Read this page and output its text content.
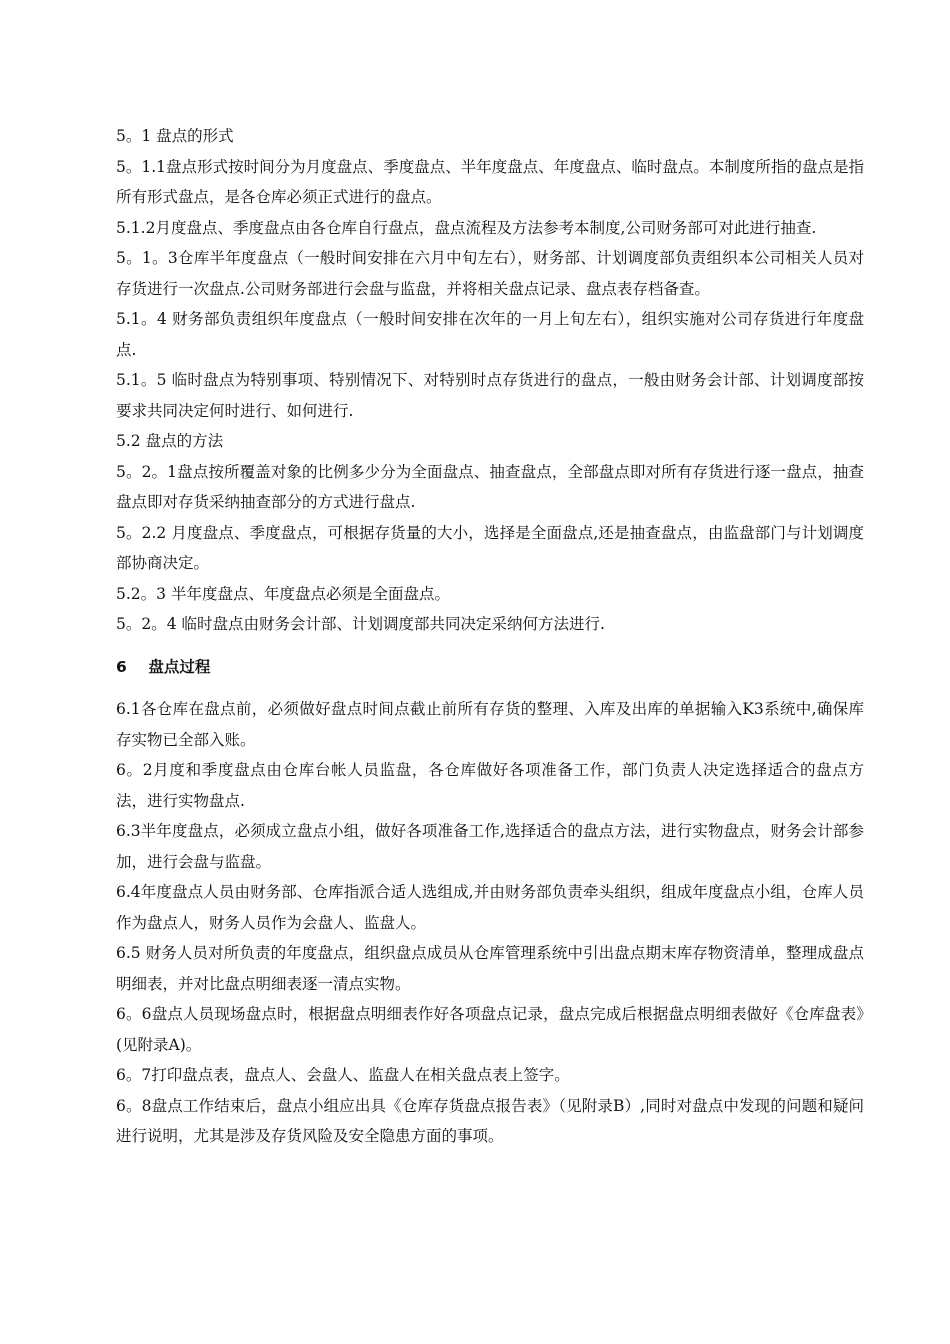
5。1 盘点的形式

5。1.1盘点形式按时间分为月度盘点、季度盘点、半年度盘点、年度盘点、临时盘点。本制度所指的盘点是指所有形式盘点，是各仓库必须正式进行的盘点。

5.1.2月度盘点、季度盘点由各仓库自行盘点，盘点流程及方法参考本制度,公司财务部可对此进行抽查.

5。1。3仓库半年度盘点（一般时间安排在六月中旬左右），财务部、计划调度部负责组织本公司相关人员对存货进行一次盘点.公司财务部进行会盘与监盘，并将相关盘点记录、盘点表存档备查。

5.1。4 财务部负责组织年度盘点（一般时间安排在次年的一月上旬左右），组织实施对公司存货进行年度盘点.

5.1。5 临时盘点为特别事项、特别情况下、对特别时点存货进行的盘点，一般由财务会计部、计划调度部按要求共同决定何时进行、如何进行.

5.2 盘点的方法

5。2。1盘点按所覆盖对象的比例多少分为全面盘点、抽查盘点，全部盘点即对所有存货进行逐一盘点，抽查盘点即对存货采纳抽查部分的方式进行盘点.

5。2.2 月度盘点、季度盘点，可根据存货量的大小，选择是全面盘点,还是抽查盘点，由监盘部门与计划调度部协商决定。

5.2。3 半年度盘点、年度盘点必须是全面盘点。

5。2。4 临时盘点由财务会计部、计划调度部共同决定采纳何方法进行.

6    盘点过程

6.1各仓库在盘点前，必须做好盘点时间点截止前所有存货的整理、入库及出库的单据输入K3系统中,确保库存实物已全部入账。

6。2月度和季度盘点由仓库台帐人员监盘，各仓库做好各项准备工作，部门负责人决定选择适合的盘点方法，进行实物盘点.

6.3半年度盘点，必须成立盘点小组，做好各项准备工作,选择适合的盘点方法，进行实物盘点，财务会计部参加，进行会盘与监盘。

6.4年度盘点人员由财务部、仓库指派合适人选组成,并由财务部负责牵头组织，组成年度盘点小组，仓库人员作为盘点人，财务人员作为会盘人、监盘人。

6.5 财务人员对所负责的年度盘点，组织盘点成员从仓库管理系统中引出盘点期末库存物资清单，整理成盘点明细表，并对比盘点明细表逐一清点实物。

6。6盘点人员现场盘点时，根据盘点明细表作好各项盘点记录，盘点完成后根据盘点明细表做好《仓库盘表》(见附录A)。

6。7打印盘点表，盘点人、会盘人、监盘人在相关盘点表上签字。

6。8盘点工作结束后，盘点小组应出具《仓库存货盘点报告表》（见附录B）,同时对盘点中发现的问题和疑问进行说明，尤其是涉及存货风险及安全隐患方面的事项。
